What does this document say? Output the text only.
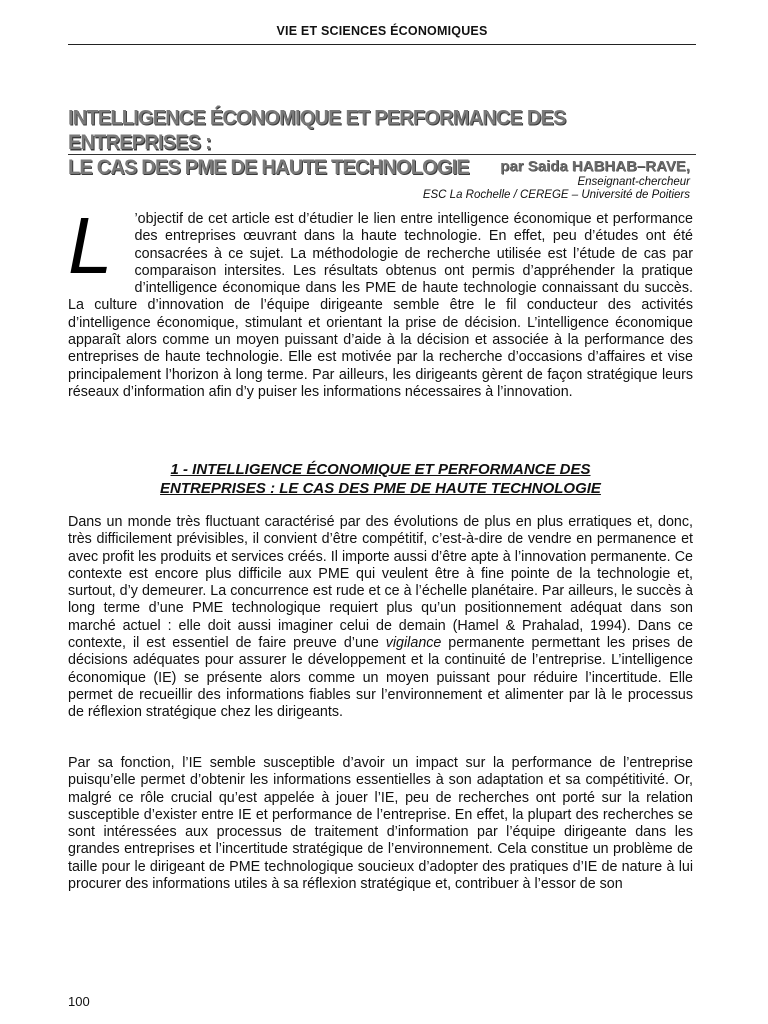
VIE ET SCIENCES ÉCONOMIQUES
INTELLIGENCE ÉCONOMIQUE ET PERFORMANCE DES ENTREPRISES :
LE CAS DES PME DE HAUTE TECHNOLOGIE	par Saida HABHAB–RAVE,
Enseignant-chercheur
ESC La Rochelle / CEREGE – Université de Poitiers

L	’objectif de cet article est d’étudier le lien entre intelligence économique et performance des entreprises œuvrant dans la haute technologie. En effet, peu d’études ont été consacrées à ce sujet. La méthodologie de recherche utilisée est l’étude de cas par comparaison intersites. Les résultats obtenus ont permis d’appréhender la pratique d’intelligence économique dans les PME de haute technologie connaissant du succès. La culture d’innovation de l’équipe dirigeante semble être le fil conducteur des activités d’intelligence économique, stimulant et orientant la prise de décision. L’intelligence économique apparaît alors comme un moyen puissant d’aide à la décision et associée à la performance des entreprises de haute technologie. Elle est motivée par la recherche d’occasions d’affaires et vise principalement l’horizon à long terme. Par ailleurs, les dirigeants gèrent de façon stratégique leurs réseaux d’information afin d’y puiser les informations nécessaires à l’innovation.

1 - INTELLIGENCE ÉCONOMIQUE ET PERFORMANCE DES
ENTREPRISES : LE CAS DES PME DE HAUTE TECHNOLOGIE

Dans un monde très fluctuant caractérisé par des évolutions de plus en plus erratiques et, donc, très difficilement prévisibles, il convient d’être compétitif, c’est-à-dire de vendre en permanence et avec profit les produits et services créés. Il importe aussi d’être apte à l’innovation permanente. Ce contexte est encore plus difficile aux PME qui veulent être à fine pointe de la technologie et, surtout, d’y demeurer. La concurrence est rude et ce à l’échelle planétaire. Par ailleurs, le succès à long terme d’une PME technologique requiert plus qu’un positionnement adéquat dans son marché actuel : elle doit aussi imaginer celui de demain (Hamel & Prahalad, 1994). Dans ce contexte, il est essentiel de faire preuve d’une vigilance permanente permettant les prises de décisions adéquates pour assurer le développement et la continuité de l’entreprise. L’intelligence économique (IE) se présente alors comme un moyen puissant pour réduire l’incertitude. Elle permet de recueillir des informations fiables sur l’environnement et alimenter par là le processus de réflexion stratégique chez les dirigeants.

Par sa fonction, l’IE semble susceptible d’avoir un impact sur la performance de l’entreprise puisqu’elle permet d’obtenir les informations essentielles à son adaptation et sa compétitivité. Or, malgré ce rôle crucial qu’est appelée à jouer l’IE, peu de recherches ont porté sur la relation susceptible d’exister entre IE et performance de l’entreprise. En effet, la plupart des recherches se sont intéressées aux processus de traitement d’information par l’équipe dirigeante dans les grandes entreprises et l’incertitude stratégique de l’environnement. Cela constitue un problème de taille pour le dirigeant de PME technologique soucieux d’adopter des pratiques d’IE de nature à lui procurer des informations utiles à sa réflexion stratégique et, contribuer à l’essor de son

100
